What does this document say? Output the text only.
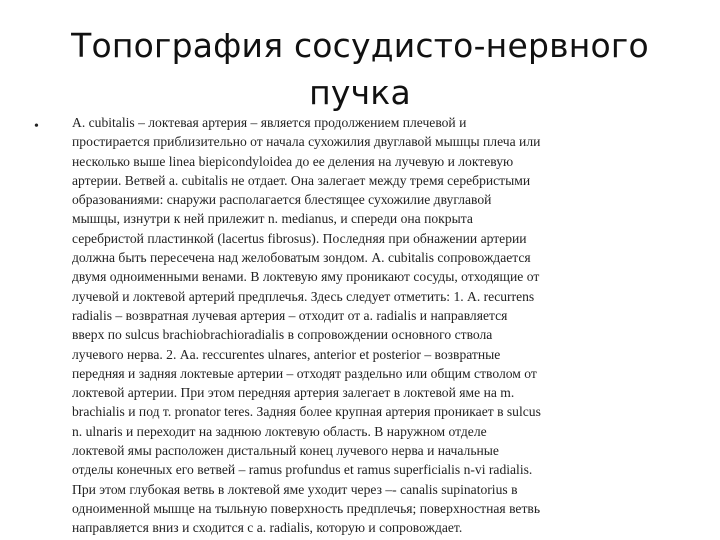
Топография сосудисто-нервного
пучка
• A. cubitalis – локтевая артерия – является продолжением плечевой и
простирается приблизительно от начала сухожилия двуглавой мышцы плеча или
несколько выше linea biepicondyloidea до ее деления на лучевую и локтевую
артерии. Ветвей a. cubitalis не отдает. Она залегает между тремя серебристыми
образованиями: снаружи располагается блестящее сухожилие двуглавой
мышцы, изнутри к ней прилежит n. medianus, и спереди она покрыта
серебристой пластинкой (lacertus fibrosus). Последняя при обнажении артерии
должна быть пересечена над желобоватым зондом. A. cubitalis сопровождается
двумя одноименными венами. В локтевую яму проникают сосуды, отходящие от
лучевой и локтевой артерий предплечья. Здесь следует отметить: 1. A. recurrens
radialis – возвратная лучевая артерия – отходит от a. radialis и направляется
вверх по sulcus brachiobrachioradialis в сопровождении основного ствола
лучевого нерва. 2. Aa. reccurentes ulnares, anterior et posterior – возвратные
передняя и задняя локтевые артерии – отходят раздельно или общим стволом от
локтевой артерии. При этом передняя артерия залегает в локтевой яме на m.
brachialis и под т. pronator teres. Задняя более крупная артерия проникает в sulcus
n. ulnaris и переходит на заднюю локтевую область. В наружном отделе
локтевой ямы расположен дистальный конец лучевого нерва и начальные
отделы конечных его ветвей – ramus profundus et ramus superficialis n-vi radialis.
При этом глубокая ветвь в локтевой яме уходит через –- canalis supinatorius в
одноименной мышце на тыльную поверхность предплечья; поверхностная ветвь
направляется вниз и сходится с a. radialis, которую и сопровождает.
